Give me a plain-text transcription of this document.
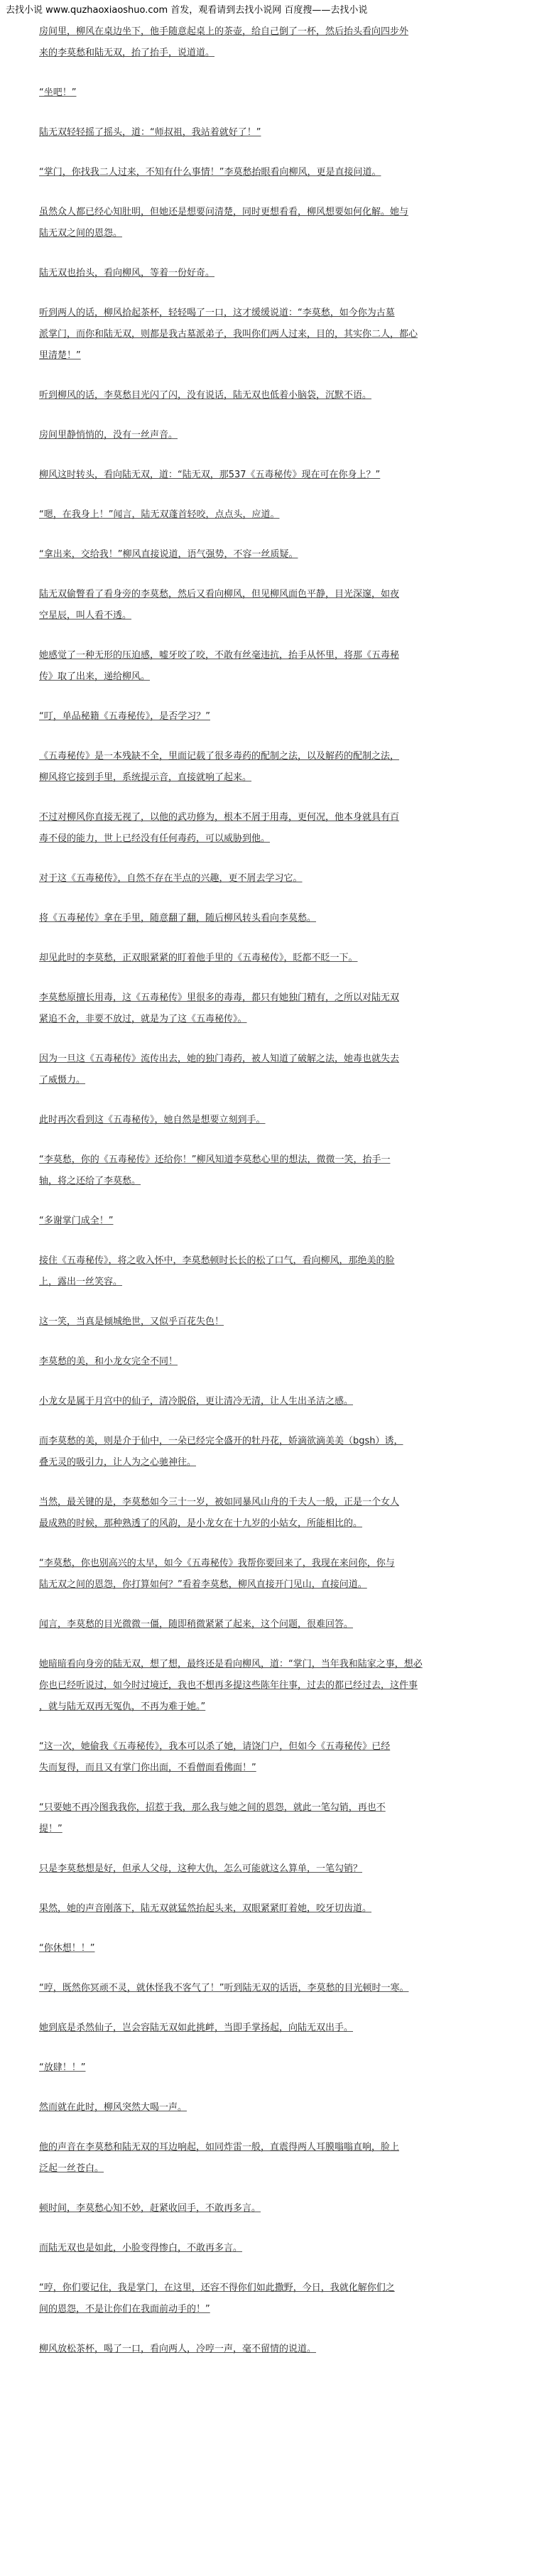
去找小说 www.quzhaoxiaoshuo.com 首发，观看请到去找小说网 百度搜——去找小说

房间里，柳风在桌边坐下，他手随意起桌上的茶壶，给自己倒了一杯，然后抬头看向四步外
来的李莫愁和陆无双，抬了抬手，说道道。

“坐吧！”

陆无双轻轻摇了摇头，道：“师叔祖，我站着就好了！”

“掌门，你找我二人过来，不知有什么事情！”李莫愁抬眼看向柳风，更是直接问道。

虽然众人都已经心知肚明，但她还是想要问清楚，同时更想看看，柳风想要如何化解。她与
陆无双之间的恩怨。

陆无双也抬头，看向柳风，等着一份好奇。

听到两人的话，柳风拾起茶杯，轻轻喝了一口，这才缓缓说道：“李莫愁，如今你为古墓
派掌门，而你和陆无双，则都是我古墓派弟子，我叫你们两人过来，目的，其实你二人，都心
里清楚！”

听到柳风的话，李莫愁目光闪了闪，没有说话，陆无双也低着小脑袋，沉默不语。

房间里静悄悄的，没有一丝声音。

柳风这时转头，看向陆无双，道：“陆无双，那537《五毒秘传》现在可在你身上？”

“嗯，在我身上！”闻言，陆无双蓬首轻咬，点点头，应道。

“拿出来，交给我！”柳风直接说道，语气强势，不容一丝质疑。

陆无双偷瞥看了看身旁的李莫愁，然后又看向柳风，但见柳风面色平静，目光深邃，如夜
空星辰，叫人看不透。

她感觉了一种无形的压迫感，嘘牙咬了咬，不敢有丝毫违抗，抬手从怀里，将那《五毒秘
传》取了出来，递给柳风。

“叮，单品秘籍《五毒秘传》，是否学习？”

《五毒秘传》是一本残缺不全，里面记载了很多毒药的配制之法，以及解药的配制之法，
柳风将它接到手里，系统提示音，直接就响了起来。

不过对柳风你直接无视了，以他的武功修为，根本不屑于用毒，更何况，他本身就具有百
毒不侵的能力，世上已经没有任何毒药，可以威胁到他。

对于这《五毒秘传》，自然不存在半点的兴趣，更不屑去学习它。

将《五毒秘传》拿在手里，随意翻了翻，随后柳风转头看向李莫愁。

却见此时的李莫愁，正双眼紧紧的盯着他手里的《五毒秘传》，眨都不眨一下。

李莫愁原擅长用毒，这《五毒秘传》里很多的毒毒，都只有她独门精有，之所以对陆无双
紧追不舍，非要不放过，就是为了这《五毒秘传》。

因为一旦这《五毒秘传》流传出去，她的独门毒药，被人知道了破解之法，她毒也就失去
了威慑力。

此时再次看到这《五毒秘传》，她自然是想要立刻到手。

“李莫愁，你的《五毒秘传》还给你！”柳风知道李莫愁心里的想法，微微一笑，抬手一
轴，将之还给了李莫愁。

“多谢掌门成全！”

接住《五毒秘传》，将之收入怀中，李莫愁顿时长长的松了口气，看向柳风，那绝美的脸
上，露出一丝笑容。

这一笑，当真是倾城绝世，又似乎百花失色！

李莫愁的美，和小龙女完全不同！

小龙女是属于月宫中的仙子，清冷脱俗，更让清冷无清，让人生出圣洁之感。

而李莫愁的美，则是介于仙中，一朵已经完全盛开的牡丹花，娇滴欲滴美美（bgsh）诱，
叠无灵的吸引力，让人为之心驰神往。

当然，最关键的是，李莫愁如今三十一岁，被如同暴风山舟的千夫人一般，正是一个女人
最成熟的时候，那种熟透了的风韵，是小龙女在十九岁的小姑女，所能相比的。

“李莫愁，你也别高兴的太早，如今《五毒秘传》我帮你要回来了，我现在来问你，你与
陆无双之间的恩怨，你打算如何？”看着李莫愁，柳风直接开门见山，直接问道。

闻言，李莫愁的目光微微一僵，随即稍微紧紧了起来，这个问题，很难回答。

她暗暗看向身旁的陆无双，想了想，最终还是看向柳风，道：“掌门，当年我和陆家之事，想必
你也已经听说过，如今时过境迁，我也不想再多提这些陈年往事，过去的都已经过去，这件事
，就与陆无双再无冤仇，不再为难于她。”

“这一次，她偷我《五毒秘传》，我本可以杀了她，请饶门户，但如今《五毒秘传》已经
失而复得，而且又有掌门你出面，不看僧面看佛面！”

“只要她不再冷图我我你，招惹于我，那么我与她之间的恩怨，就此一笔勾销，再也不
提！”

只是李莫愁想是好，但承人父母，这种大仇，怎么可能就这么算单，一笔勾销？

果然，她的声音刚落下，陆无双就猛然抬起头来，双眼紧紧盯着她，咬牙切齿道。

“你休想！！”

“哼，既然你冥顽不灵，就休怪我不客气了！”听到陆无双的话语，李莫愁的目光顿时一寒。

她到底是杀然仙子，岂会容陆无双如此挑衅，当即手掌扬起，向陆无双出手。

“放肆！！”

然而就在此时，柳风突然大喝一声。

他的声音在李莫愁和陆无双的耳边响起，如同炸雷一般，直震得两人耳膜嗡嗡直响，脸上
泛起一丝苍白。

顿时间，李莫愁心知不妙，赶紧收回手，不敢再多言。

而陆无双也是如此，小脸变得惨白，不敢再多言。

“哼，你们要记住，我是掌门，在这里，还容不得你们如此撒野，今日，我就化解你们之
间的恩怨，不是让你们在我面前动手的！”

柳风放松茶杯，喝了一口，看向两人，冷哼一声，毫不留情的说道。
